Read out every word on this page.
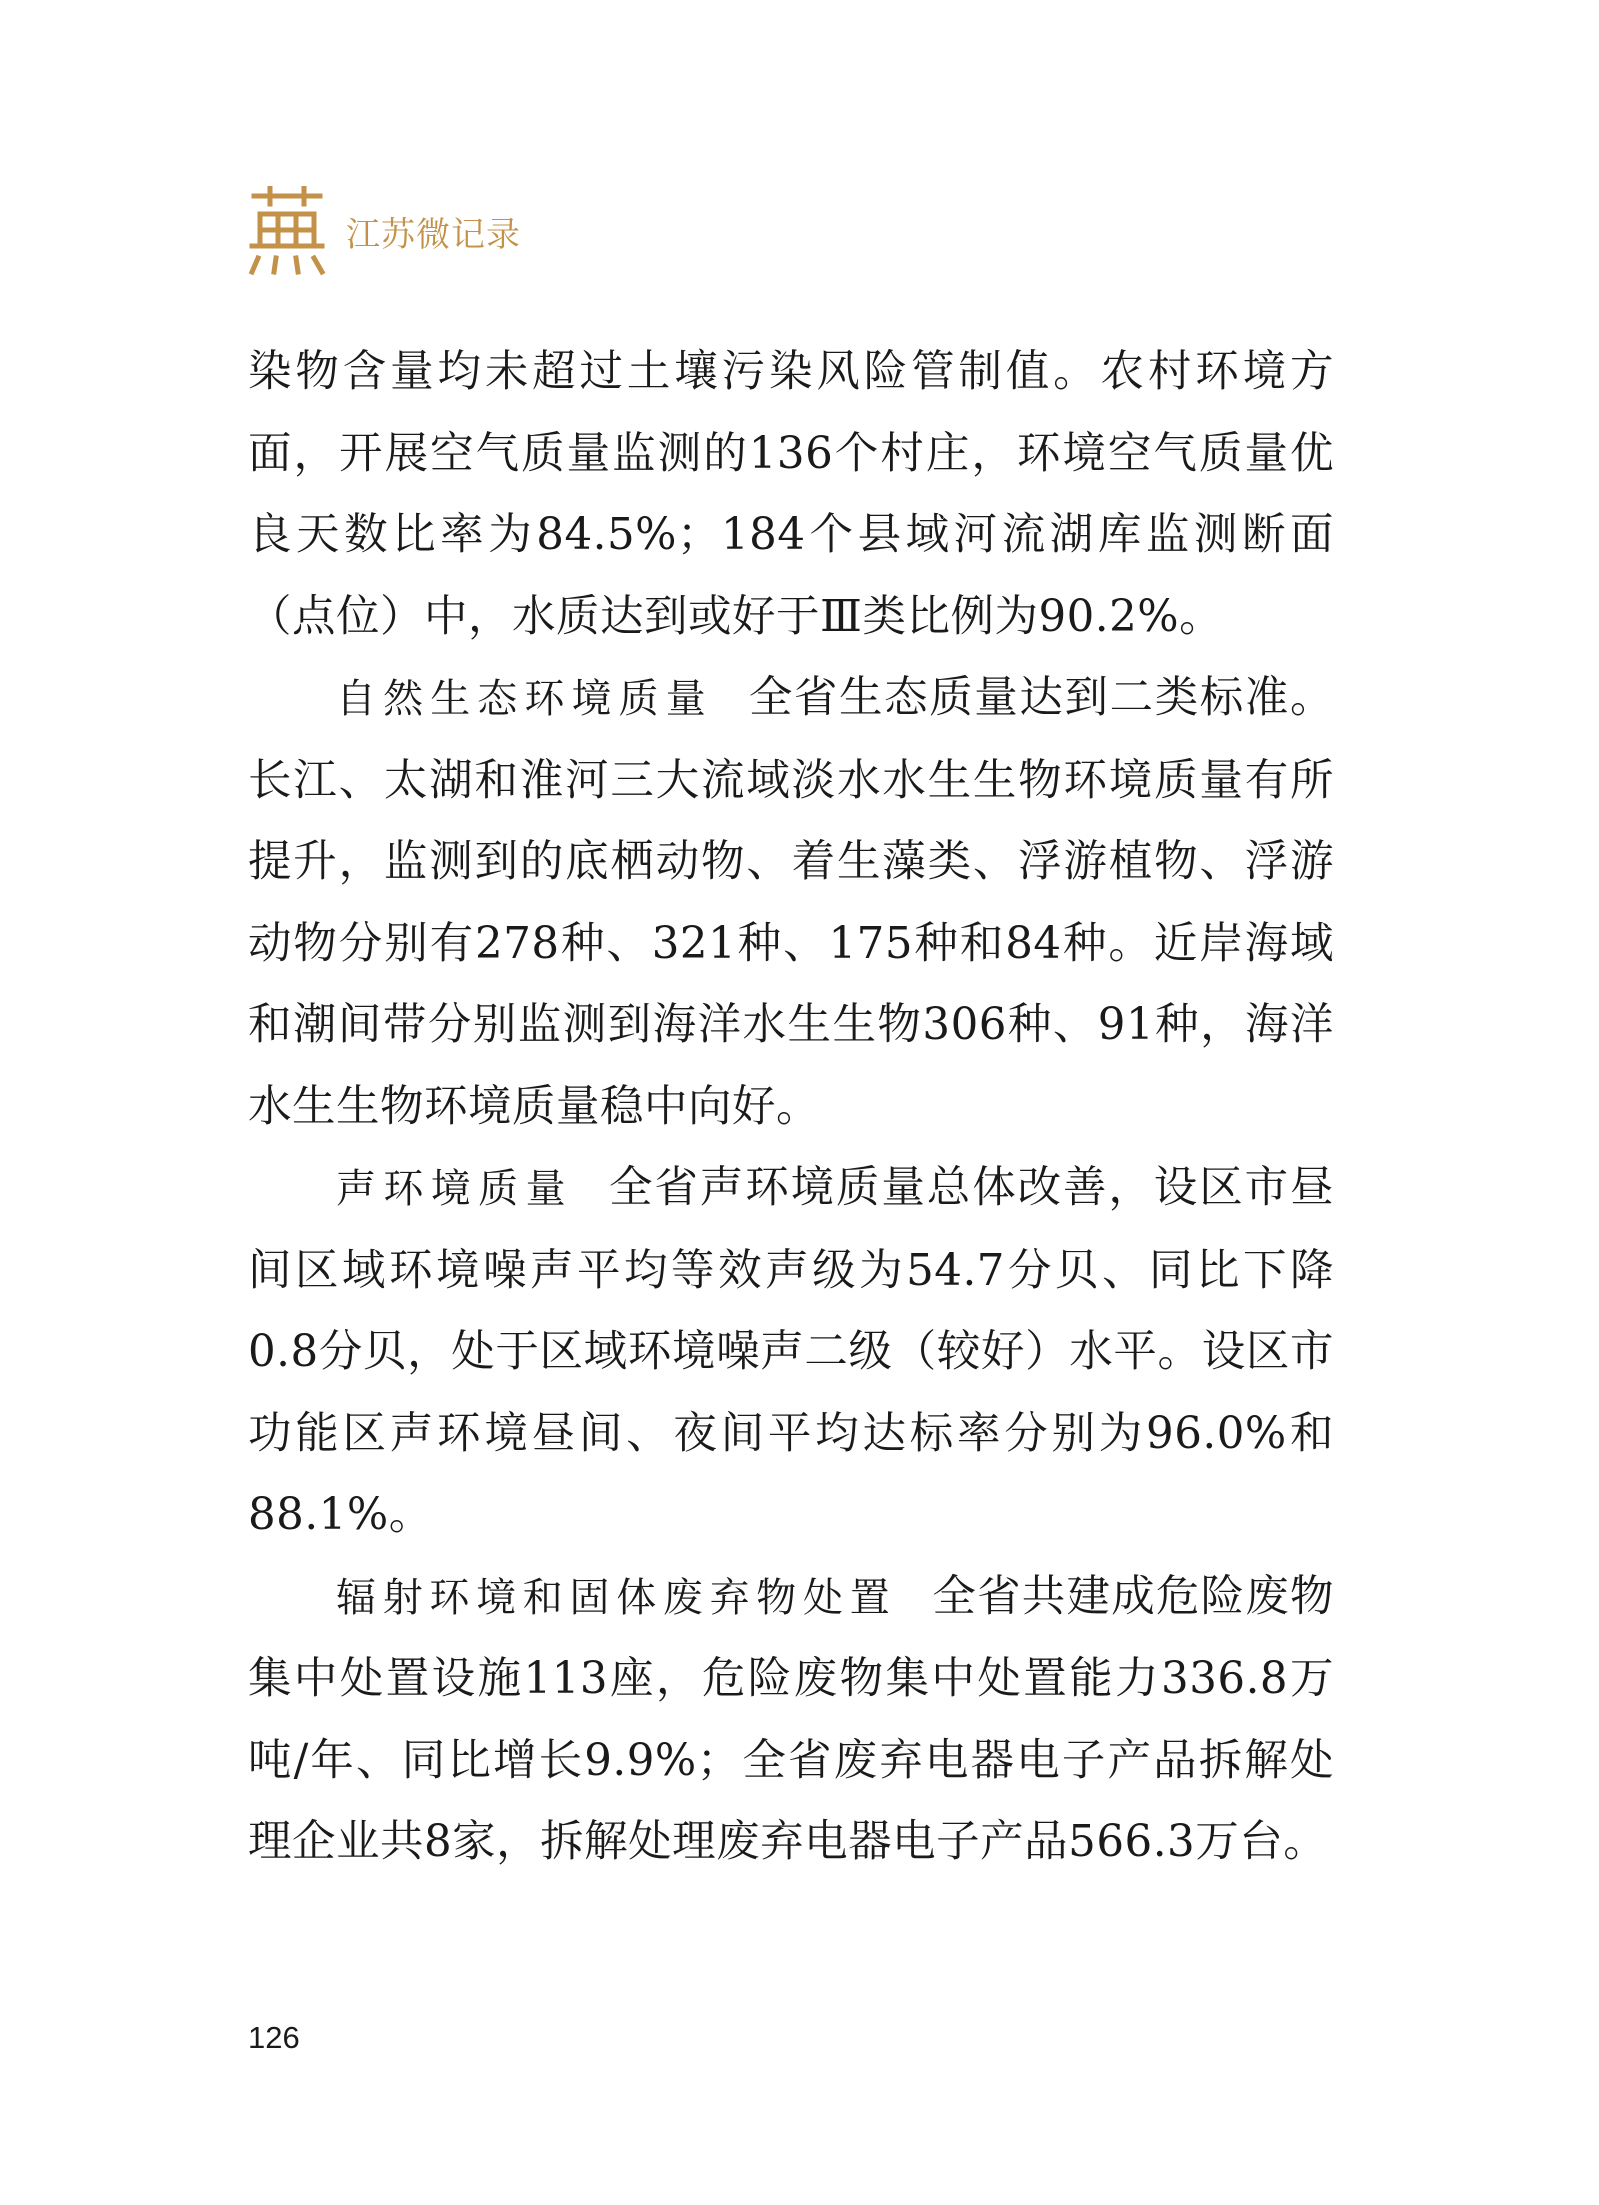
江苏微记录

染物含量均未超过土壤污染风险管制值。农村环境方面，开展空气质量监测的136个村庄，环境空气质量优良天数比率为84.5%；184个县域河流湖库监测断面（点位）中，水质达到或好于Ⅲ类比例为90.2%。

自然生态环境质量 全省生态质量达到二类标准。长江、太湖和淮河三大流域淡水水生生物环境质量有所提升，监测到的底栖动物、着生藻类、浮游植物、浮游动物分别有278种、321种、175种和84种。近岸海域和潮间带分别监测到海洋水生生物306种、91种，海洋水生生物环境质量稳中向好。

声环境质量 全省声环境质量总体改善，设区市昼间区域环境噪声平均等效声级为54.7分贝、同比下降0.8分贝，处于区域环境噪声二级（较好）水平。设区市功能区声环境昼间、夜间平均达标率分别为96.0%和88.1%。

辐射环境和固体废弃物处置 全省共建成危险废物集中处置设施113座，危险废物集中处置能力336.8万吨/年、同比增长9.9%；全省废弃电器电子产品拆解处理企业共8家，拆解处理废弃电器电子产品566.3万台。

126
